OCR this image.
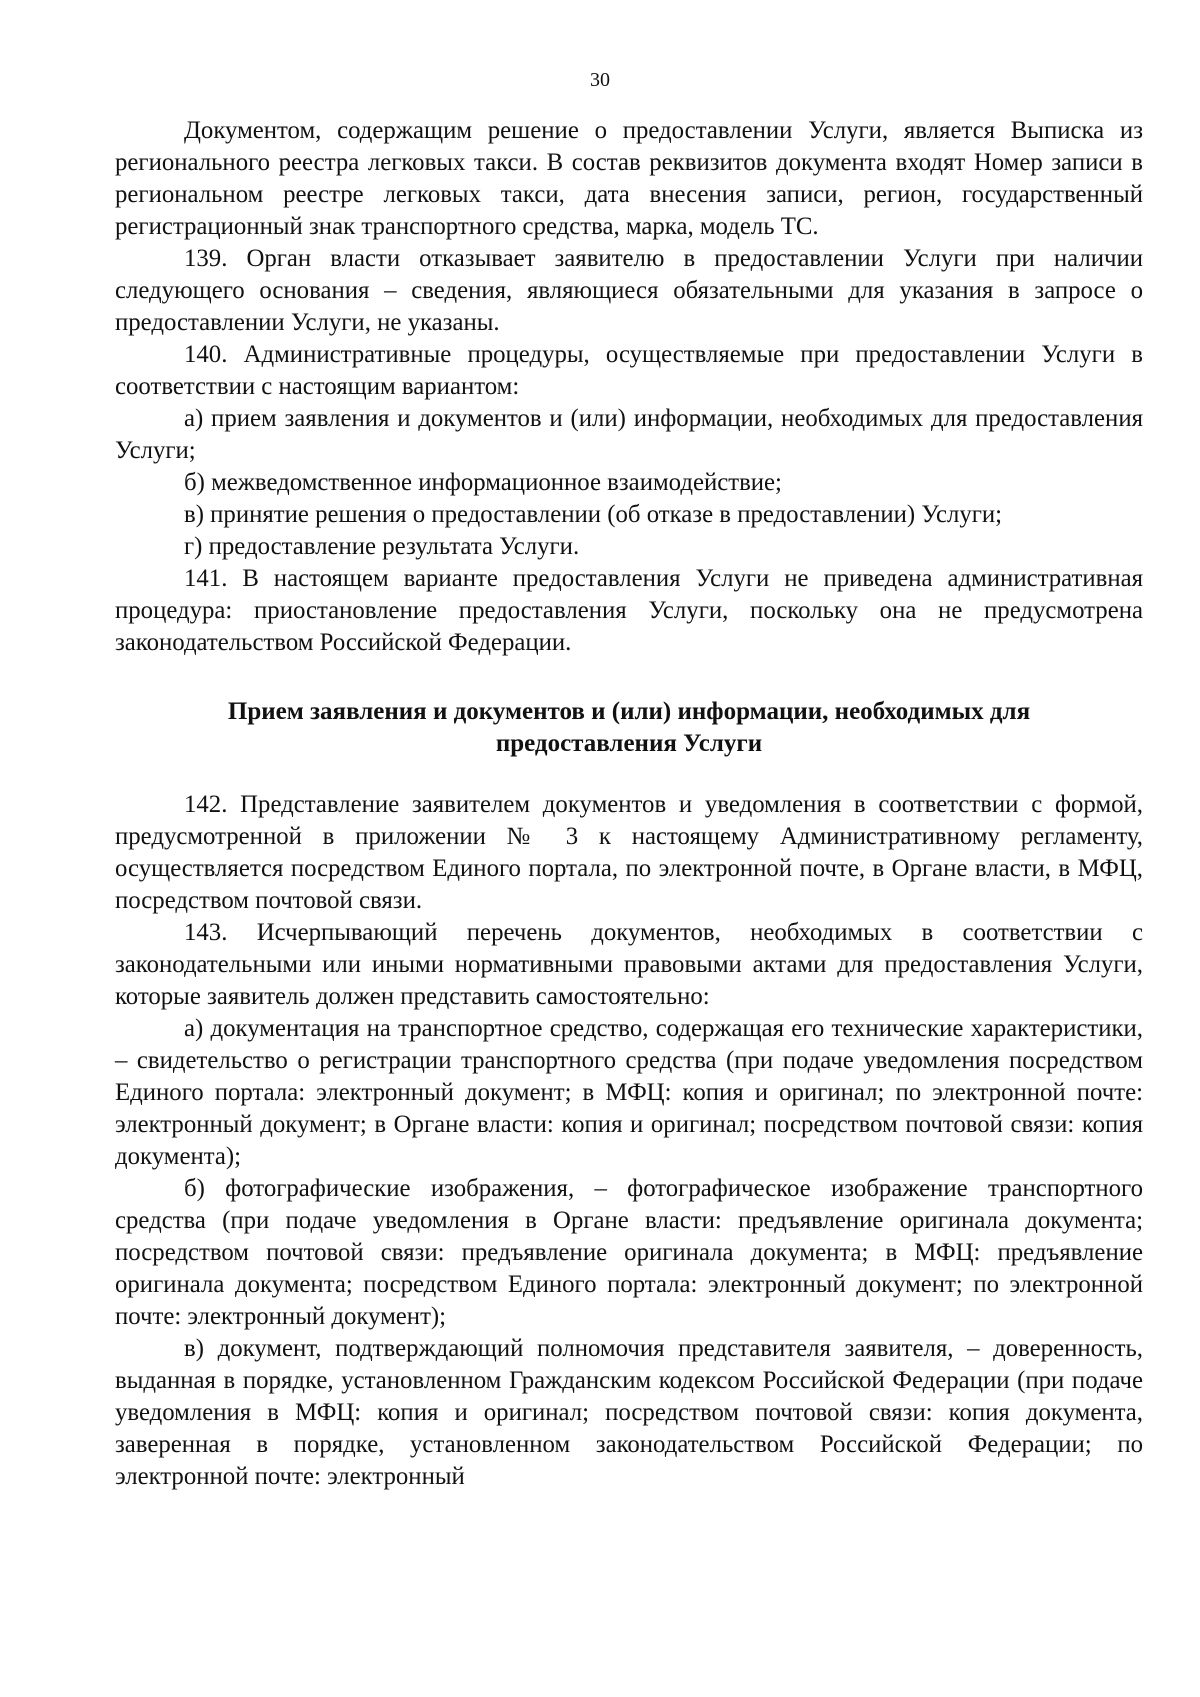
30

Документом, содержащим решение о предоставлении Услуги, является Выписка из регионального реестра легковых такси. В состав реквизитов документа входят Номер записи в региональном реестре легковых такси, дата внесения записи, регион, государственный регистрационный знак транспортного средства, марка, модель ТС.

139. Орган власти отказывает заявителю в предоставлении Услуги при наличии следующего основания – сведения, являющиеся обязательными для указания в запросе о предоставлении Услуги, не указаны.

140. Административные процедуры, осуществляемые при предоставлении Услуги в соответствии с настоящим вариантом:

а) прием заявления и документов и (или) информации, необходимых для предоставления Услуги;

б) межведомственное информационное взаимодействие;

в) принятие решения о предоставлении (об отказе в предоставлении) Услуги;

г) предоставление результата Услуги.

141. В настоящем варианте предоставления Услуги не приведена административная процедура: приостановление предоставления Услуги, поскольку она не предусмотрена законодательством Российской Федерации.

Прием заявления и документов и (или) информации, необходимых для
предоставления Услуги

142. Представление заявителем документов и уведомления в соответствии с формой, предусмотренной в приложении № 3 к настоящему Административному регламенту, осуществляется посредством Единого портала, по электронной почте, в Органе власти, в МФЦ, посредством почтовой связи.

143. Исчерпывающий перечень документов, необходимых в соответствии с законодательными или иными нормативными правовыми актами для предоставления Услуги, которые заявитель должен представить самостоятельно:

а) документация на транспортное средство, содержащая его технические характеристики, – свидетельство о регистрации транспортного средства (при подаче уведомления посредством Единого портала: электронный документ; в МФЦ: копия и оригинал; по электронной почте: электронный документ; в Органе власти: копия и оригинал; посредством почтовой связи: копия документа);

б) фотографические изображения, – фотографическое изображение транспортного средства (при подаче уведомления в Органе власти: предъявление оригинала документа; посредством почтовой связи: предъявление оригинала документа; в МФЦ: предъявление оригинала документа; посредством Единого портала: электронный документ; по электронной почте: электронный документ);

в) документ, подтверждающий полномочия представителя заявителя, – доверенность, выданная в порядке, установленном Гражданским кодексом Российской Федерации (при подаче уведомления в МФЦ: копия и оригинал; посредством почтовой связи: копия документа, заверенная в порядке, установленном законодательством Российской Федерации; по электронной почте: электронный
